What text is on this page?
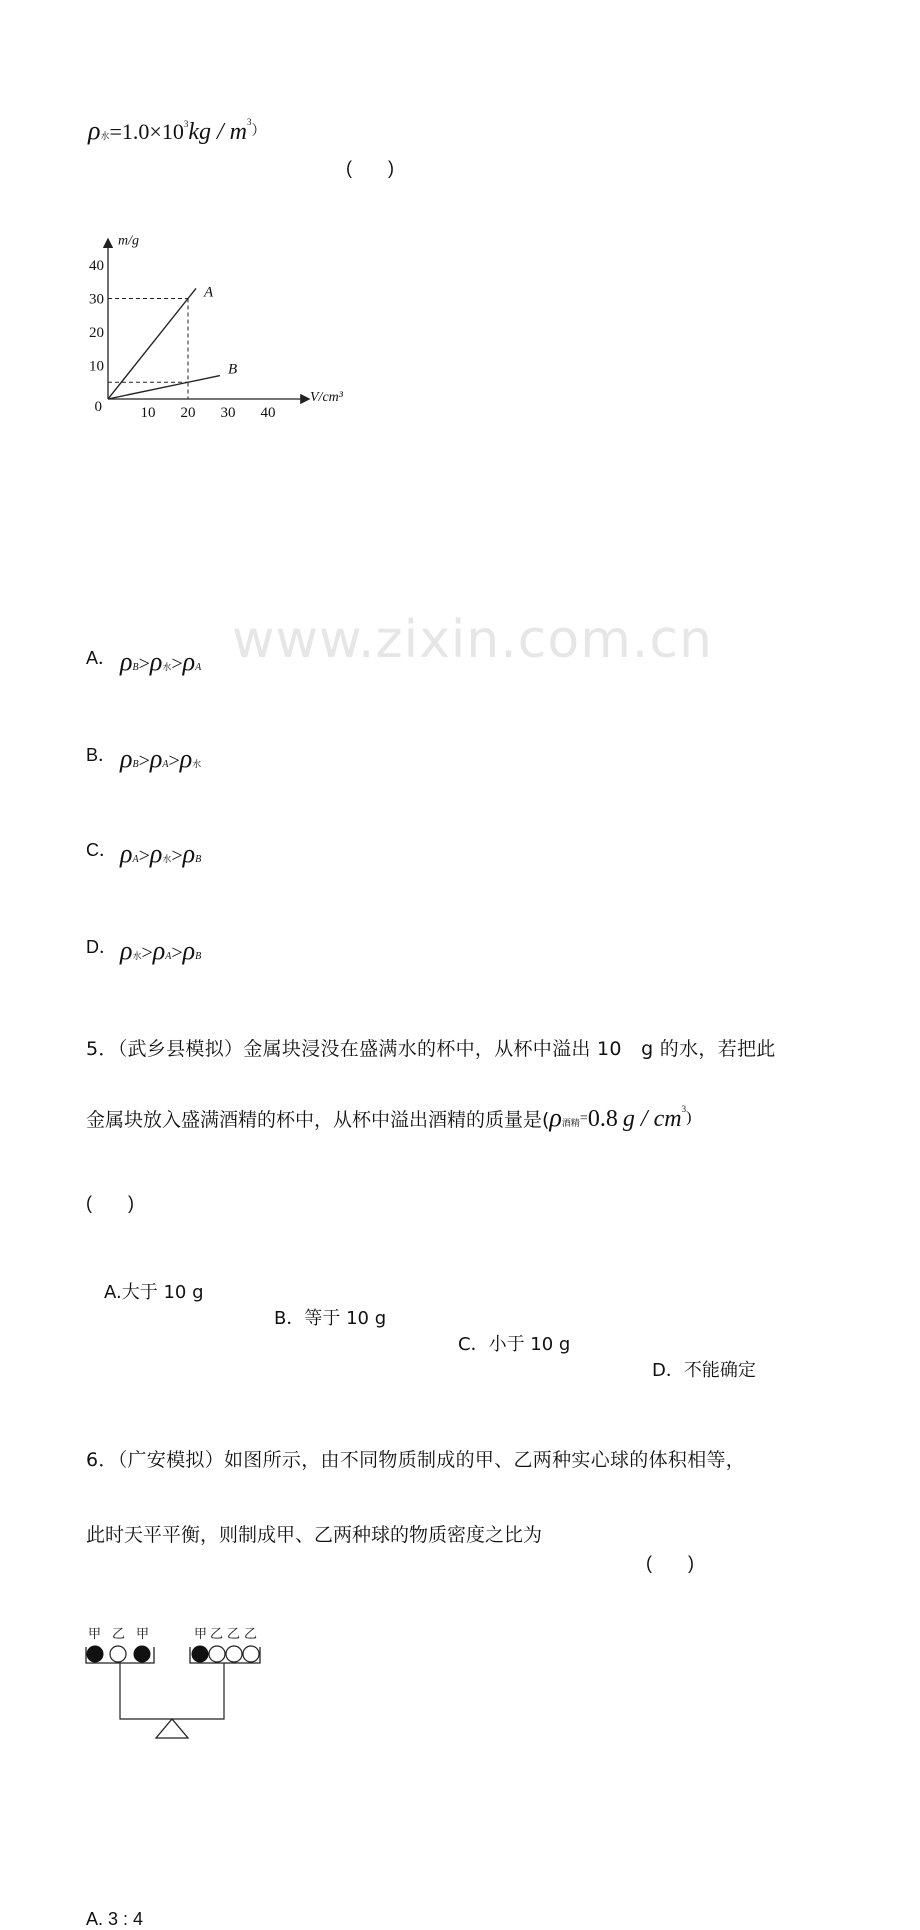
www.zixin.com.cn
ρ水$=1.0\times 10^3kg / m^3$）
(　　)
A
B
10 20 30 40
10
20
30
40
0
V/cm³
m/g
A． ρB>ρ水>ρA
B． ρB>ρA>ρ水
C． ρA>ρ水>ρB
D． ρ水>ρA>ρB
5．（武乡县模拟）金属块浸没在盛满水的杯中，从杯中溢出 10　g 的水，若把此
金属块放入盛满酒精的杯中，从杯中溢出酒精的质量是(ρ酒精=0.8 g / $cm^3$)
(　　)
A.大于 10 g
B．等于 10 g
C．小于 10 g
D．不能确定
6．（广安模拟）如图所示，由不同物质制成的甲、乙两种实心球的体积相等，
此时天平平衡，则制成甲、乙两种球的物质密度之比为
(　　)
甲 乙 甲	甲 乙 乙 乙
A. 3 : 4
